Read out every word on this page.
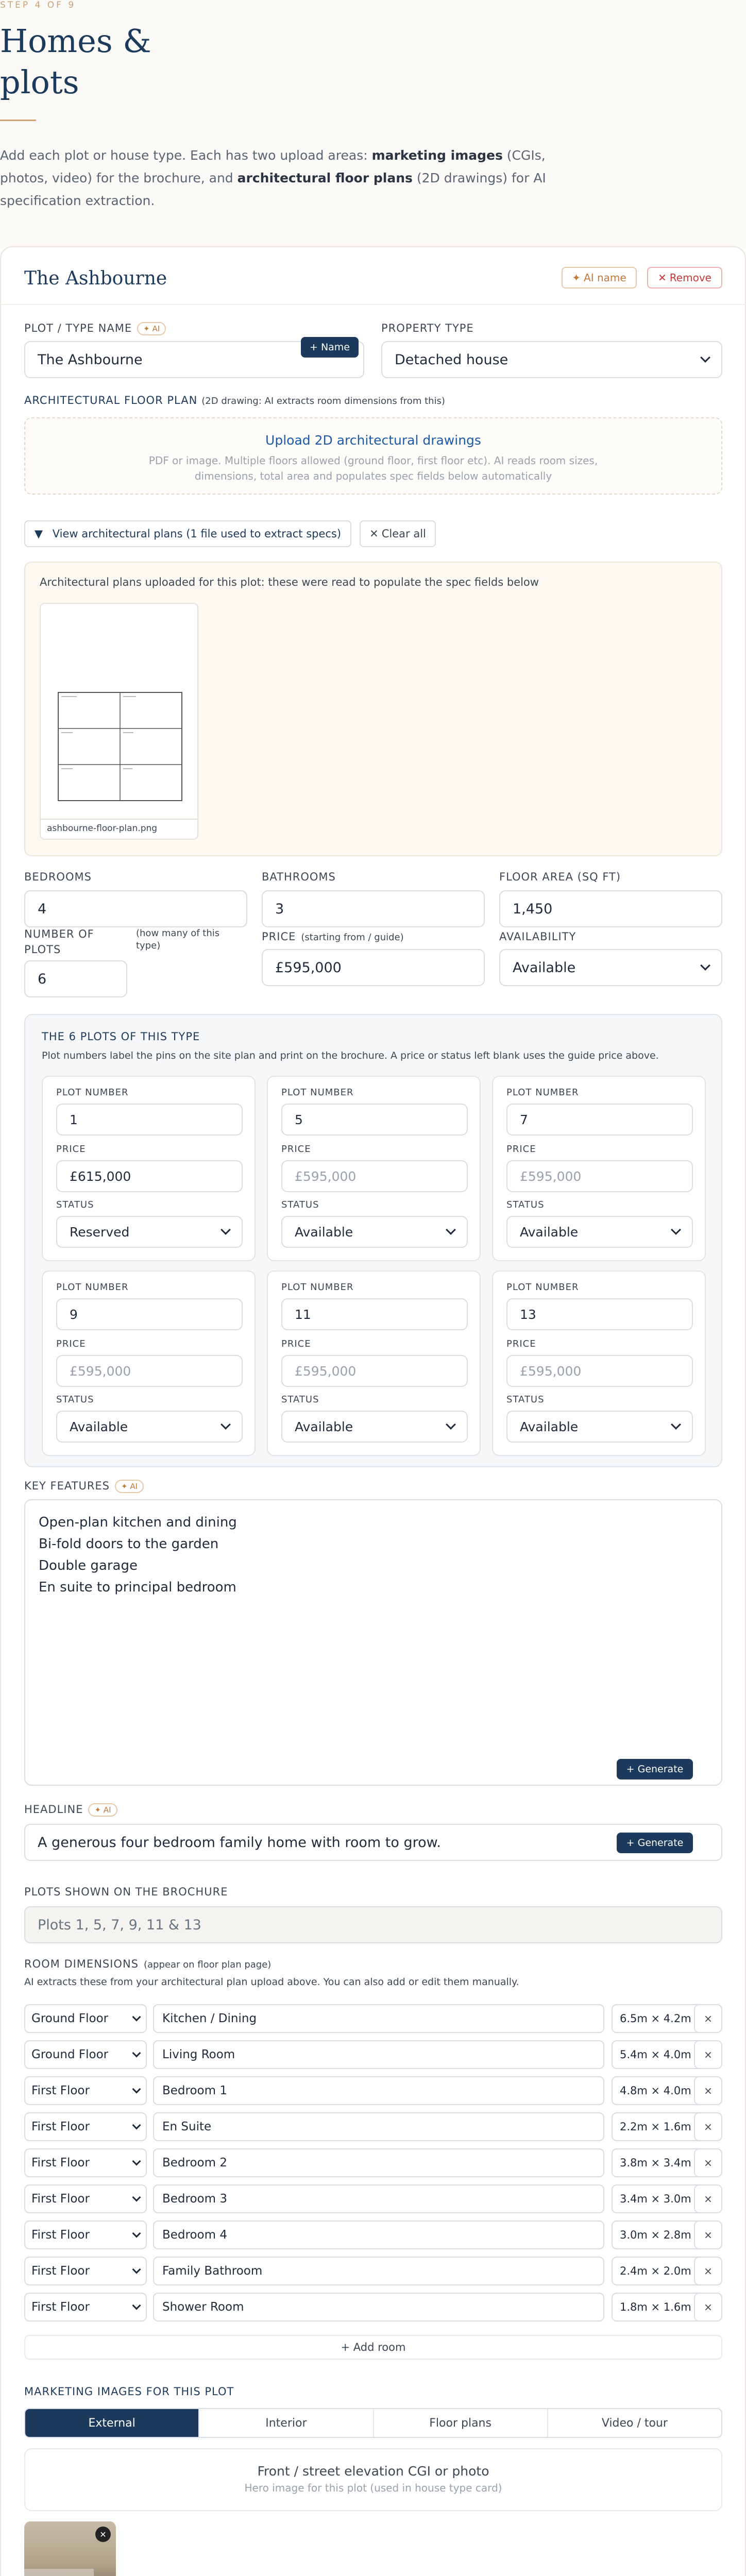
STEP 4 OF 9
Homes & plots

Add each plot or house type. Each has two upload areas: marketing images (CGIs, photos, video) for the brochure, and architectural floor plans (2D drawings) for AI specification extraction.

The Ashbourne	✦ AI name	✕ Remove
PLOT / TYPE NAME ✦ AI
The Ashbourne
+ Name
PROPERTY TYPE
Detached house
ARCHITECTURAL FLOOR PLAN (2D drawing: AI extracts room dimensions from this)
Upload 2D architectural drawings
PDF or image. Multiple floors allowed (ground floor, first floor etc). AI reads room sizes, dimensions, total area and populates spec fields below automatically
▼
View architectural plans (1 file used to extract specs)	✕ Clear all
Architectural plans uploaded for this plot: these were read to populate the spec fields below
ashbourne-floor-plan.png
BEDROOMS
4
BATHROOMS
3
FLOOR AREA (SQ FT)
1,450
NUMBER OF PLOTS
(how many of this type)
6
PRICE (starting from / guide)
£595,000
AVAILABILITY
Available
THE 6 PLOTS OF THIS TYPE
Plot numbers label the pins on the site plan and print on the brochure. A price or status left blank uses the guide price above.
PLOT NUMBER
1
PRICE
£615,000
STATUS
Reserved
PLOT NUMBER
5
PRICE
£595,000
STATUS
Available
PLOT NUMBER
7
PRICE
£595,000
STATUS
Available
PLOT NUMBER
9
PRICE
£595,000
STATUS
Available
PLOT NUMBER
11
PRICE
£595,000
STATUS
Available
PLOT NUMBER
13
PRICE
£595,000
STATUS
Available
KEY FEATURES ✦ AI
Open-plan kitchen and dining
Bi-fold doors to the garden
Double garage
En suite to principal bedroom
+ Generate
HEADLINE ✦ AI
A generous four bedroom family home with room to grow.	+ Generate
PLOTS SHOWN ON THE BROCHURE
Plots 1, 5, 7, 9, 11 & 13
ROOM DIMENSIONS (appear on floor plan page)
AI extracts these from your architectural plan upload above. You can also add or edit them manually.
Ground Floor	Kitchen / Dining	6.5m × 4.2m	×
Ground Floor	Living Room	5.4m × 4.0m	×
First Floor	Bedroom 1	4.8m × 4.0m	×
First Floor	En Suite	2.2m × 1.6m	×
First Floor	Bedroom 2	3.8m × 3.4m	×
First Floor	Bedroom 3	3.4m × 3.0m	×
First Floor	Bedroom 4	3.0m × 2.8m	×
First Floor	Family Bathroom	2.4m × 2.0m	×
First Floor	Shower Room	1.8m × 1.6m	×
+ Add room
MARKETING IMAGES FOR THIS PLOT
External	Interior	Floor plans	Video / tour
Front / street elevation CGI or photo
Hero image for this plot (used in house type card)
✕
